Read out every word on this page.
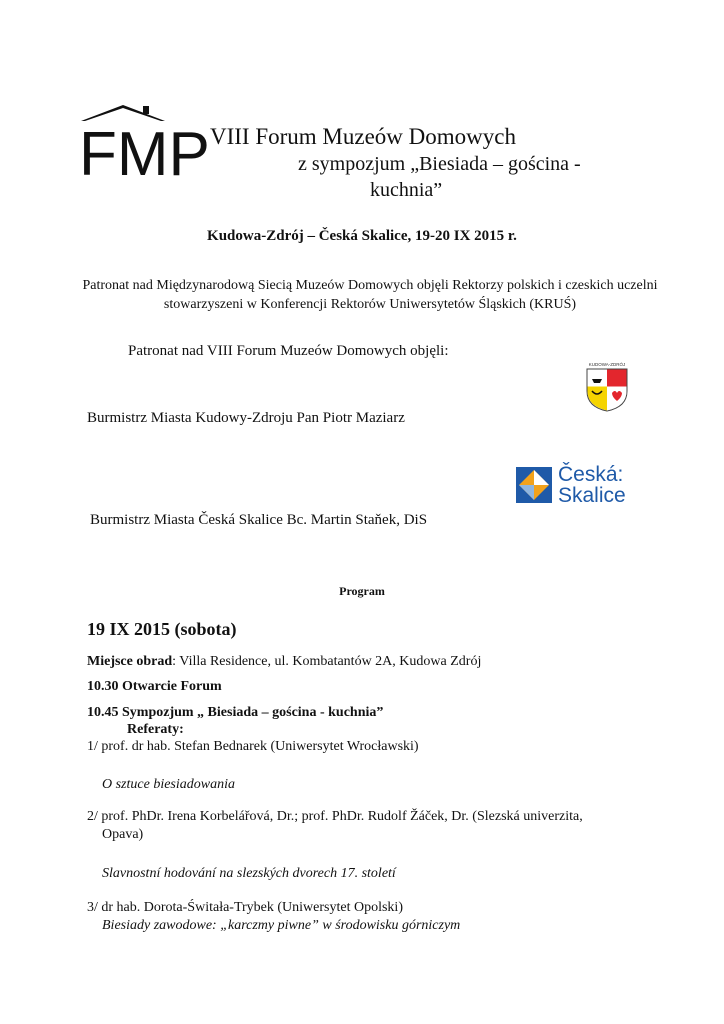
FMP VIII Forum Muzeów Domowych
z sympozjum „Biesiada – gościna -
kuchnia”
Kudowa-Zdrój – Česká Skalice, 19-20 IX 2015 r.
Patronat nad Międzynarodową Siecią Muzeów Domowych objęli Rektorzy polskich i czeskich uczelni stowarzyszeni w Konferencji Rektorów Uniwersytetów Śląskich (KRUŚ)
Patronat nad VIII Forum Muzeów Domowych objęli:
KUDOWA-ZDRÓJ
Burmistrz Miasta Kudowy-Zdroju Pan Piotr Maziarz
Česká:
Skalice
Burmistrz Miasta Česká Skalice Bc. Martin Staňek, DiS
Program
19 IX 2015 (sobota)
Miejsce obrad: Villa Residence, ul. Kombatantów 2A, Kudowa Zdrój
10.30 Otwarcie Forum
10.45 Sympozjum „ Biesiada – gościna - kuchnia”
Referaty:
1/ prof. dr hab. Stefan Bednarek (Uniwersytet Wrocławski)
O sztuce biesiadowania
2/ prof. PhDr. Irena Korbelářová, Dr.; prof. PhDr. Rudolf Žáček, Dr. (Slezská univerzita,
Opava)
Slavnostní hodování na slezských dvorech 17. století
3/ dr hab. Dorota-Świtała-Trybek (Uniwersytet Opolski)
Biesiady zawodowe: „karczmy piwne” w środowisku górniczym
